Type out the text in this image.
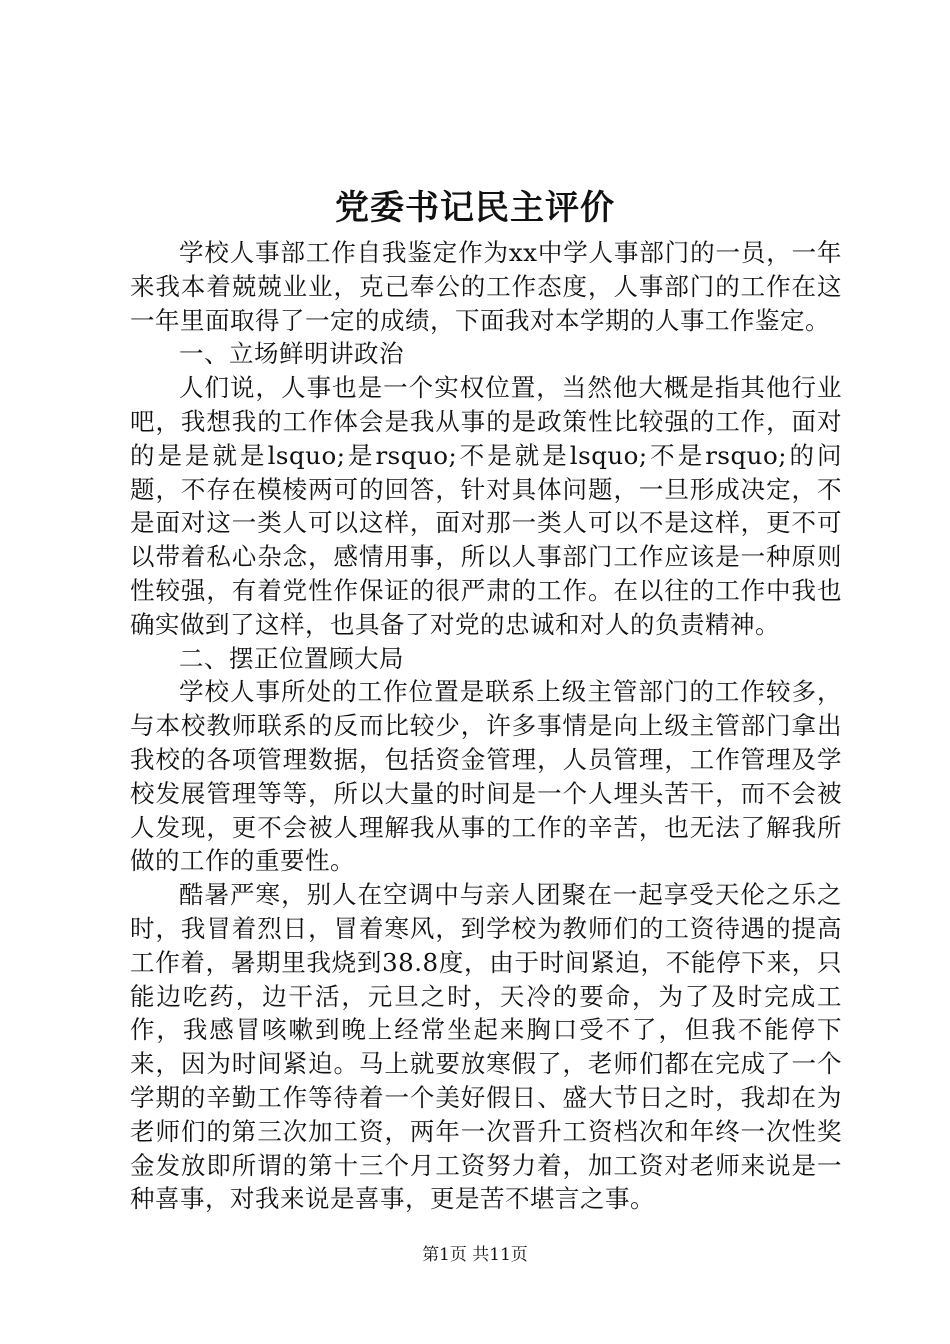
党委书记民主评价

学校人事部工作自我鉴定作为xx中学人事部门的一员，一年来我本着兢兢业业，克己奉公的工作态度，人事部门的工作在这一年里面取得了一定的成绩，下面我对本学期的人事工作鉴定。

一、立场鲜明讲政治

人们说，人事也是一个实权位置，当然他大概是指其他行业吧，我想我的工作体会是我从事的是政策性比较强的工作，面对的是是就是lsquo;是rsquo;不是就是lsquo;不是rsquo;的问题，不存在模棱两可的回答，针对具体问题，一旦形成决定，不是面对这一类人可以这样，面对那一类人可以不是这样，更不可以带着私心杂念，感情用事，所以人事部门工作应该是一种原则性较强，有着党性作保证的很严肃的工作。在以往的工作中我也确实做到了这样，也具备了对党的忠诚和对人的负责精神。

二、摆正位置顾大局

学校人事所处的工作位置是联系上级主管部门的工作较多，与本校教师联系的反而比较少，许多事情是向上级主管部门拿出我校的各项管理数据，包括资金管理，人员管理，工作管理及学校发展管理等等，所以大量的时间是一个人埋头苦干，而不会被人发现，更不会被人理解我从事的工作的辛苦，也无法了解我所做的工作的重要性。

酷暑严寒，别人在空调中与亲人团聚在一起享受天伦之乐之时，我冒着烈日，冒着寒风，到学校为教师们的工资待遇的提高工作着，暑期里我烧到38.8度，由于时间紧迫，不能停下来，只能边吃药，边干活，元旦之时，天冷的要命，为了及时完成工作，我感冒咳嗽到晚上经常坐起来胸口受不了，但我不能停下来，因为时间紧迫。马上就要放寒假了，老师们都在完成了一个学期的辛勤工作等待着一个美好假日、盛大节日之时，我却在为老师们的第三次加工资，两年一次晋升工资档次和年终一次性奖金发放即所谓的第十三个月工资努力着，加工资对老师来说是一种喜事，对我来说是喜事，更是苦不堪言之事。

第1页 共11页
